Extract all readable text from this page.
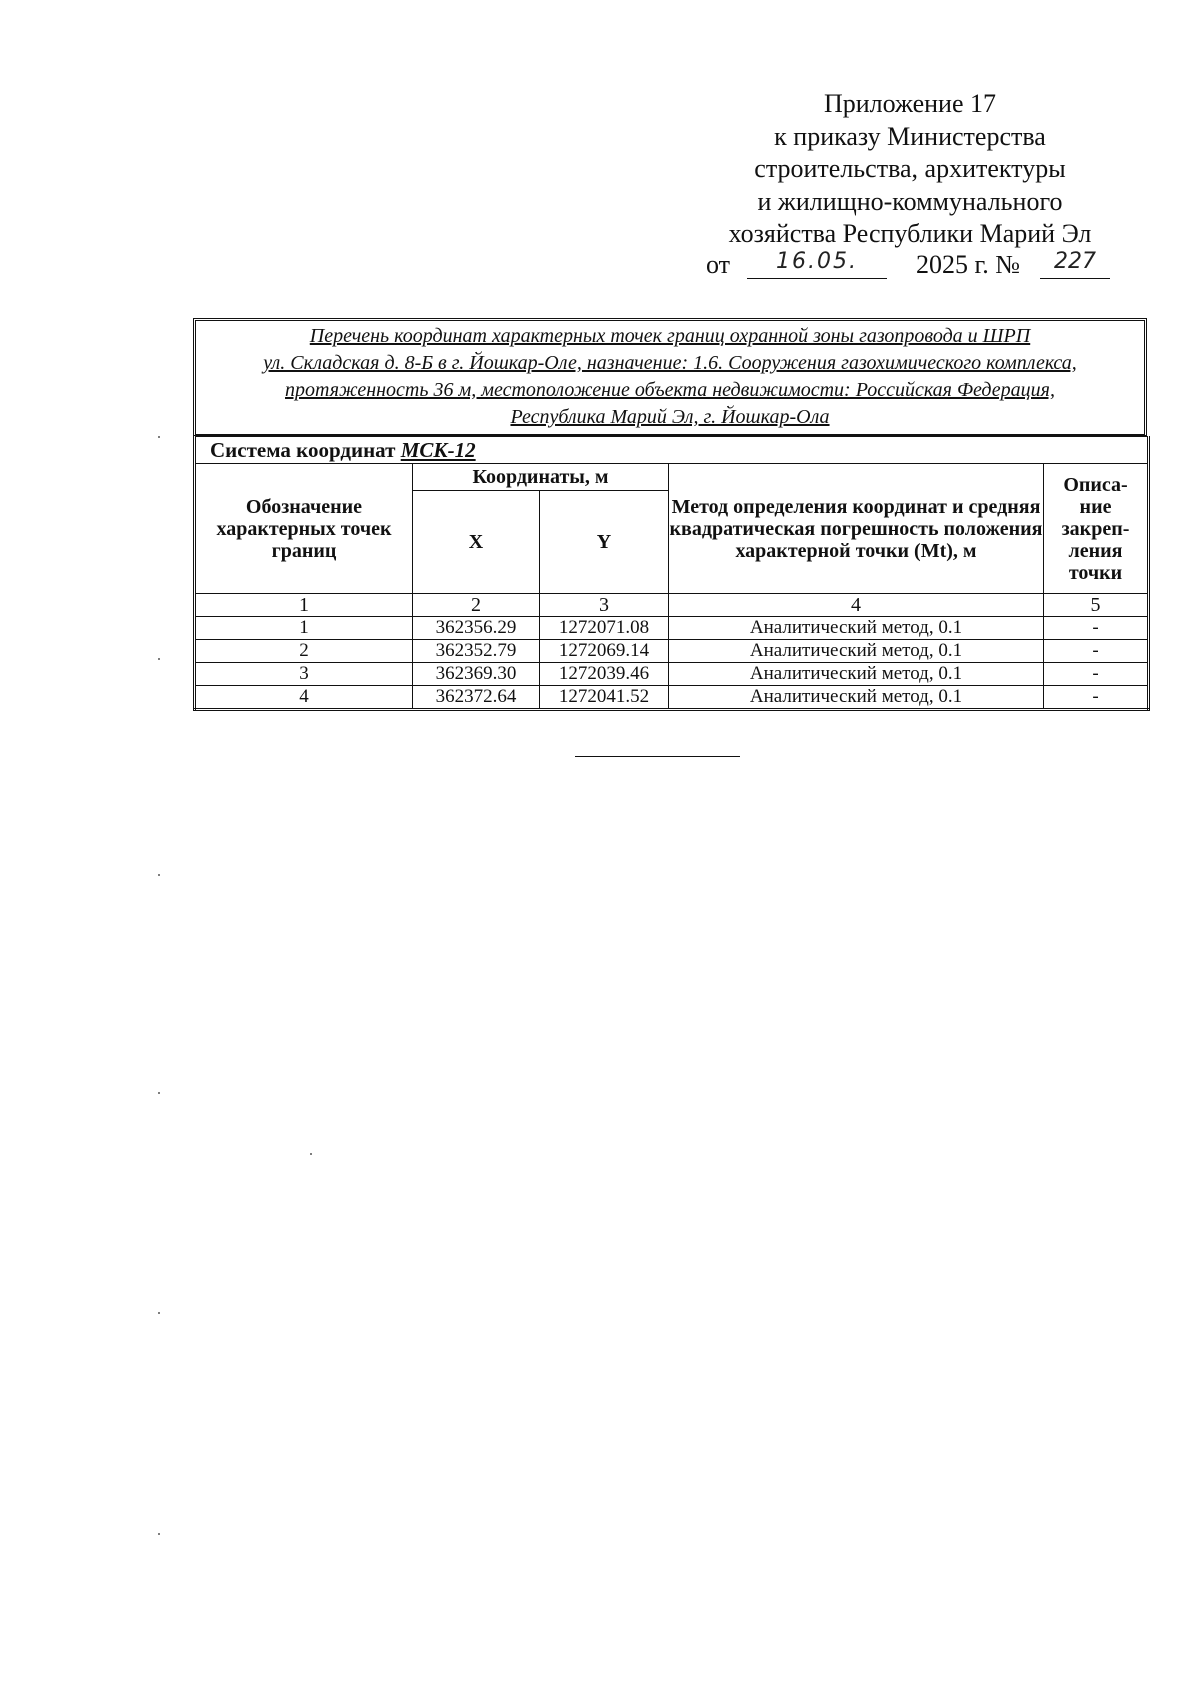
Приложение 17
к приказу Министерства
строительства, архитектуры
и жилищно-коммунального
хозяйства Республики Марий Эл
от	16.05.	2025 г. №	227
Перечень координат характерных точек границ охранной зоны газопровода и ШРП
ул. Складская д. 8-Б в г. Йошкар-Оле, назначение: 1.6. Сооружения газохимического комплекса,
протяженность 36 м, местоположение объекта недвижимости: Российская Федерация,
Республика Марий Эл, г. Йошкар-Ола
Система координат МСК-12				
Обозначение характерных точек границ	Координаты, м		Метод определения координат и средняя квадратическая погрешность положения характерной точки (Mt), м	Описа-ние закреп-ления точки
	X	Y		
1	2	3	4	5
1	362356.29	1272071.08	Аналитический метод, 0.1	-
2	362352.79	1272069.14	Аналитический метод, 0.1	-
3	362369.30	1272039.46	Аналитический метод, 0.1	-
4	362372.64	1272041.52	Аналитический метод, 0.1	-
